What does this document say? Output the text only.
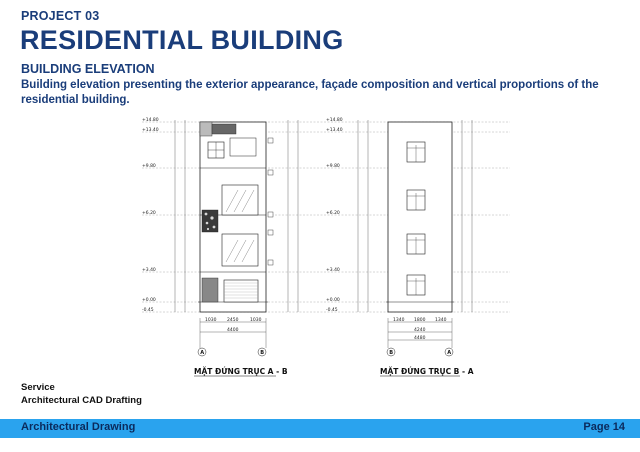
PROJECT 03
RESIDENTIAL BUILDING
BUILDING ELEVATION
Building elevation presenting the exterior appearance, façade composition and vertical proportions of the residential building.
+14.80
+13.40
+9.80
+6.20
+3.40
+0.00
-0.45
+14.80
+13.40
+9.80
+6.20
+3.40
+0.00
-0.45
1030 2450	1030
4400
A	B
MẶT ĐỨNG TRỤC A - B
1340 1800 1340
4240
4480
B	A
MẶT ĐỨNG TRỤC B - A
Service
Architectural CAD Drafting
Architectural Drawing	Page 14
